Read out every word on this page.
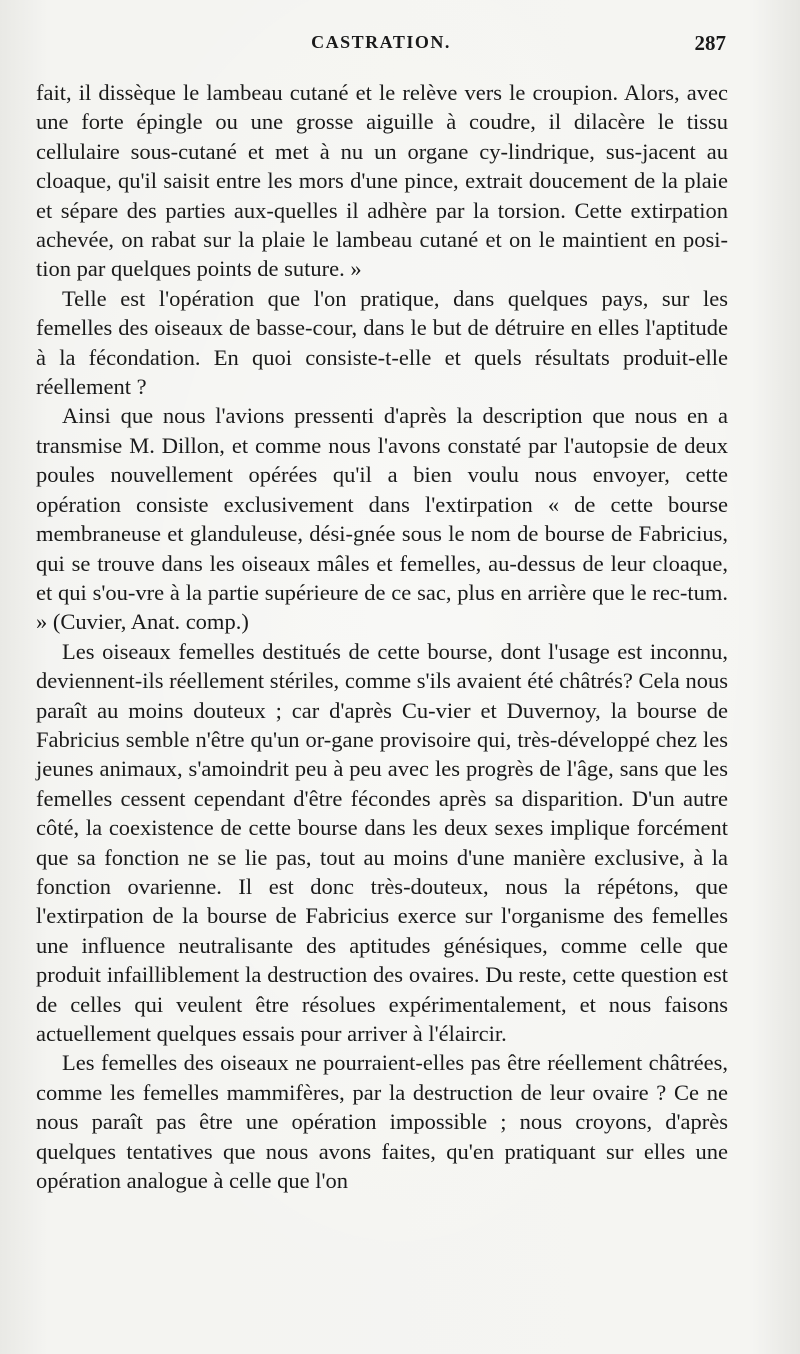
CASTRATION.	287

fait, il dissèque le lambeau cutané et le relève vers le croupion. Alors, avec une forte épingle ou une grosse aiguille à coudre, il dilacère le tissu cellulaire sous-cutané et met à nu un organe cy-lindrique, sus-jacent au cloaque, qu'il saisit entre les mors d'une pince, extrait doucement de la plaie et sépare des parties aux-quelles il adhère par la torsion. Cette extirpation achevée, on rabat sur la plaie le lambeau cutané et on le maintient en posi-tion par quelques points de suture. »

Telle est l'opération que l'on pratique, dans quelques pays, sur les femelles des oiseaux de basse-cour, dans le but de détruire en elles l'aptitude à la fécondation. En quoi consiste-t-elle et quels résultats produit-elle réellement ?

Ainsi que nous l'avions pressenti d'après la description que nous en a transmise M. Dillon, et comme nous l'avons constaté par l'autopsie de deux poules nouvellement opérées qu'il a bien voulu nous envoyer, cette opération consiste exclusivement dans l'extirpation « de cette bourse membraneuse et glanduleuse, dési-gnée sous le nom de bourse de Fabricius, qui se trouve dans les oiseaux mâles et femelles, au-dessus de leur cloaque, et qui s'ou-vre à la partie supérieure de ce sac, plus en arrière que le rec-tum. » (Cuvier, Anat. comp.)

Les oiseaux femelles destitués de cette bourse, dont l'usage est inconnu, deviennent-ils réellement stériles, comme s'ils avaient été châtrés? Cela nous paraît au moins douteux ; car d'après Cu-vier et Duvernoy, la bourse de Fabricius semble n'être qu'un or-gane provisoire qui, très-développé chez les jeunes animaux, s'amoindrit peu à peu avec les progrès de l'âge, sans que les femelles cessent cependant d'être fécondes après sa disparition. D'un autre côté, la coexistence de cette bourse dans les deux sexes implique forcément que sa fonction ne se lie pas, tout au moins d'une manière exclusive, à la fonction ovarienne. Il est donc très-douteux, nous la répétons, que l'extirpation de la bourse de Fabricius exerce sur l'organisme des femelles une influence neutralisante des aptitudes génésiques, comme celle que produit infailliblement la destruction des ovaires. Du reste, cette question est de celles qui veulent être résolues expérimentalement, et nous faisons actuellement quelques essais pour arriver à l'élaircir.

Les femelles des oiseaux ne pourraient-elles pas être réellement châtrées, comme les femelles mammifères, par la destruction de leur ovaire ? Ce ne nous paraît pas être une opération impossible ; nous croyons, d'après quelques tentatives que nous avons faites, qu'en pratiquant sur elles une opération analogue à celle que l'on
